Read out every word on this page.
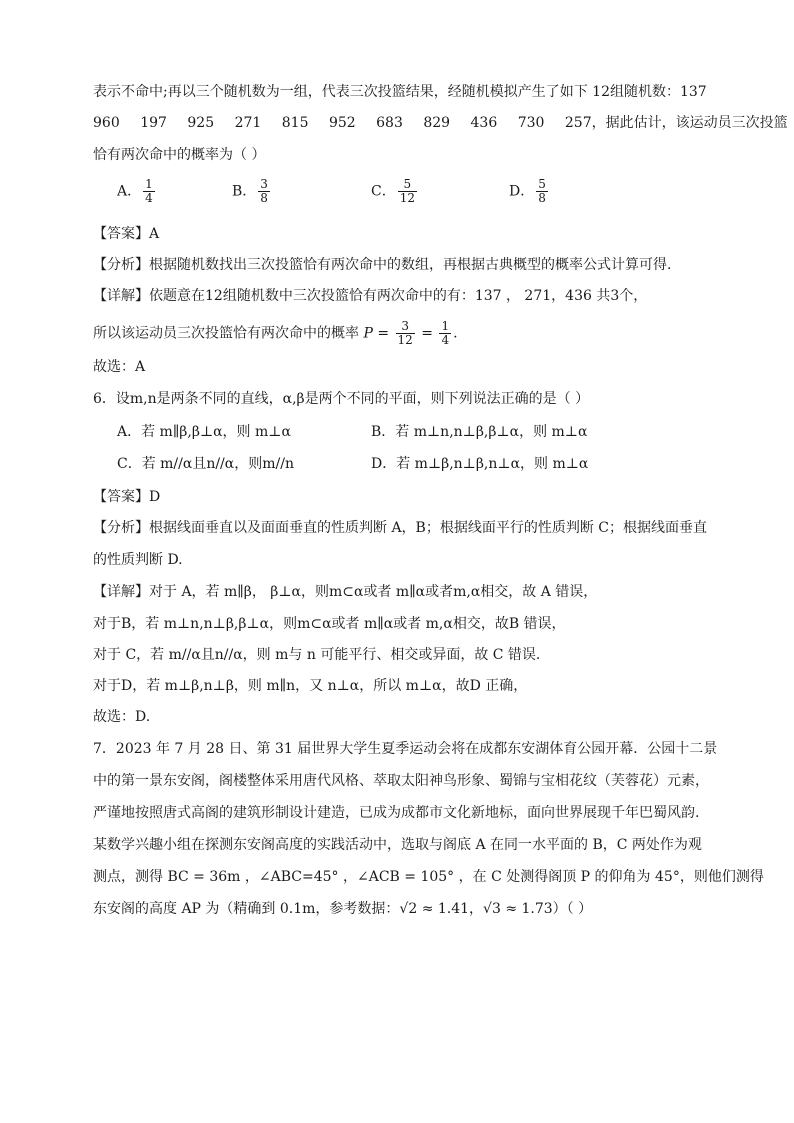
表示不命中;再以三个随机数为一组，代表三次投篮结果，经随机模拟产生了如下 12组随机数：137
960 197 925 271 815 952 683 829 436 730 257，据此估计，该运动员三次投篮
恰有两次命中的概率为（ ）
A． $\frac{1}{4}$	B． $\frac{3}{8}$	C． $\frac{5}{12}$	D． $\frac{5}{8}$
【答案】A
【分析】根据随机数找出三次投篮恰有两次命中的数组，再根据古典概型的概率公式计算可得.
【详解】依题意在12组随机数中三次投篮恰有两次命中的有：137 ， 271，436 共3个，
所以该运动员三次投篮恰有两次命中的概率 $P = \frac{3}{12} = \frac{1}{4}$ .
故选：A
6．设m,n是两条不同的直线，α,β是两个不同的平面，则下列说法正确的是（ ）
A．若 m∥β,β⊥α，则 m⊥α	B．若 m⊥n,n⊥β,β⊥α，则 m⊥α
C．若 m//α且n//α，则m//n	D．若 m⊥β,n⊥β,n⊥α，则 m⊥α
【答案】D
【分析】根据线面垂直以及面面垂直的性质判断 A，B；根据线面平行的性质判断 C；根据线面垂直
的性质判断 D.
【详解】对于 A，若 m∥β， β⊥α，则m⊂α或者 m∥α或者m,α相交，故 A 错误，
对于B，若 m⊥n,n⊥β,β⊥α，则m⊂α或者 m∥α或者 m,α相交，故B 错误，
对于 C，若 m//α且n//α，则 m与 n 可能平行、相交或异面，故 C 错误.
对于D，若 m⊥β,n⊥β，则 m∥n，又 n⊥α，所以 m⊥α，故D 正确，
故选：D.
7．2023 年 7 月 28 日、第 31 届世界大学生夏季运动会将在成都东安湖体育公园开幕．公园十二景
中的第一景东安阁，阁楼整体采用唐代风格、萃取太阳神鸟形象、蜀锦与宝相花纹（芙蓉花）元素，
严谨地按照唐式高阁的建筑形制设计建造，已成为成都市文化新地标，面向世界展现千年巴蜀风韵.
某数学兴趣小组在探测东安阁高度的实践活动中，选取与阁底 A 在同一水平面的 B，C 两处作为观
测点，测得 BC = 36m ，∠ABC=45° ，∠ACB = 105° ，在 C 处测得阁顶 P 的仰角为 45°，则他们测得
东安阁的高度 AP 为（精确到 0.1m，参考数据：√2 ≈ 1.41，√3 ≈ 1.73）（ ）
